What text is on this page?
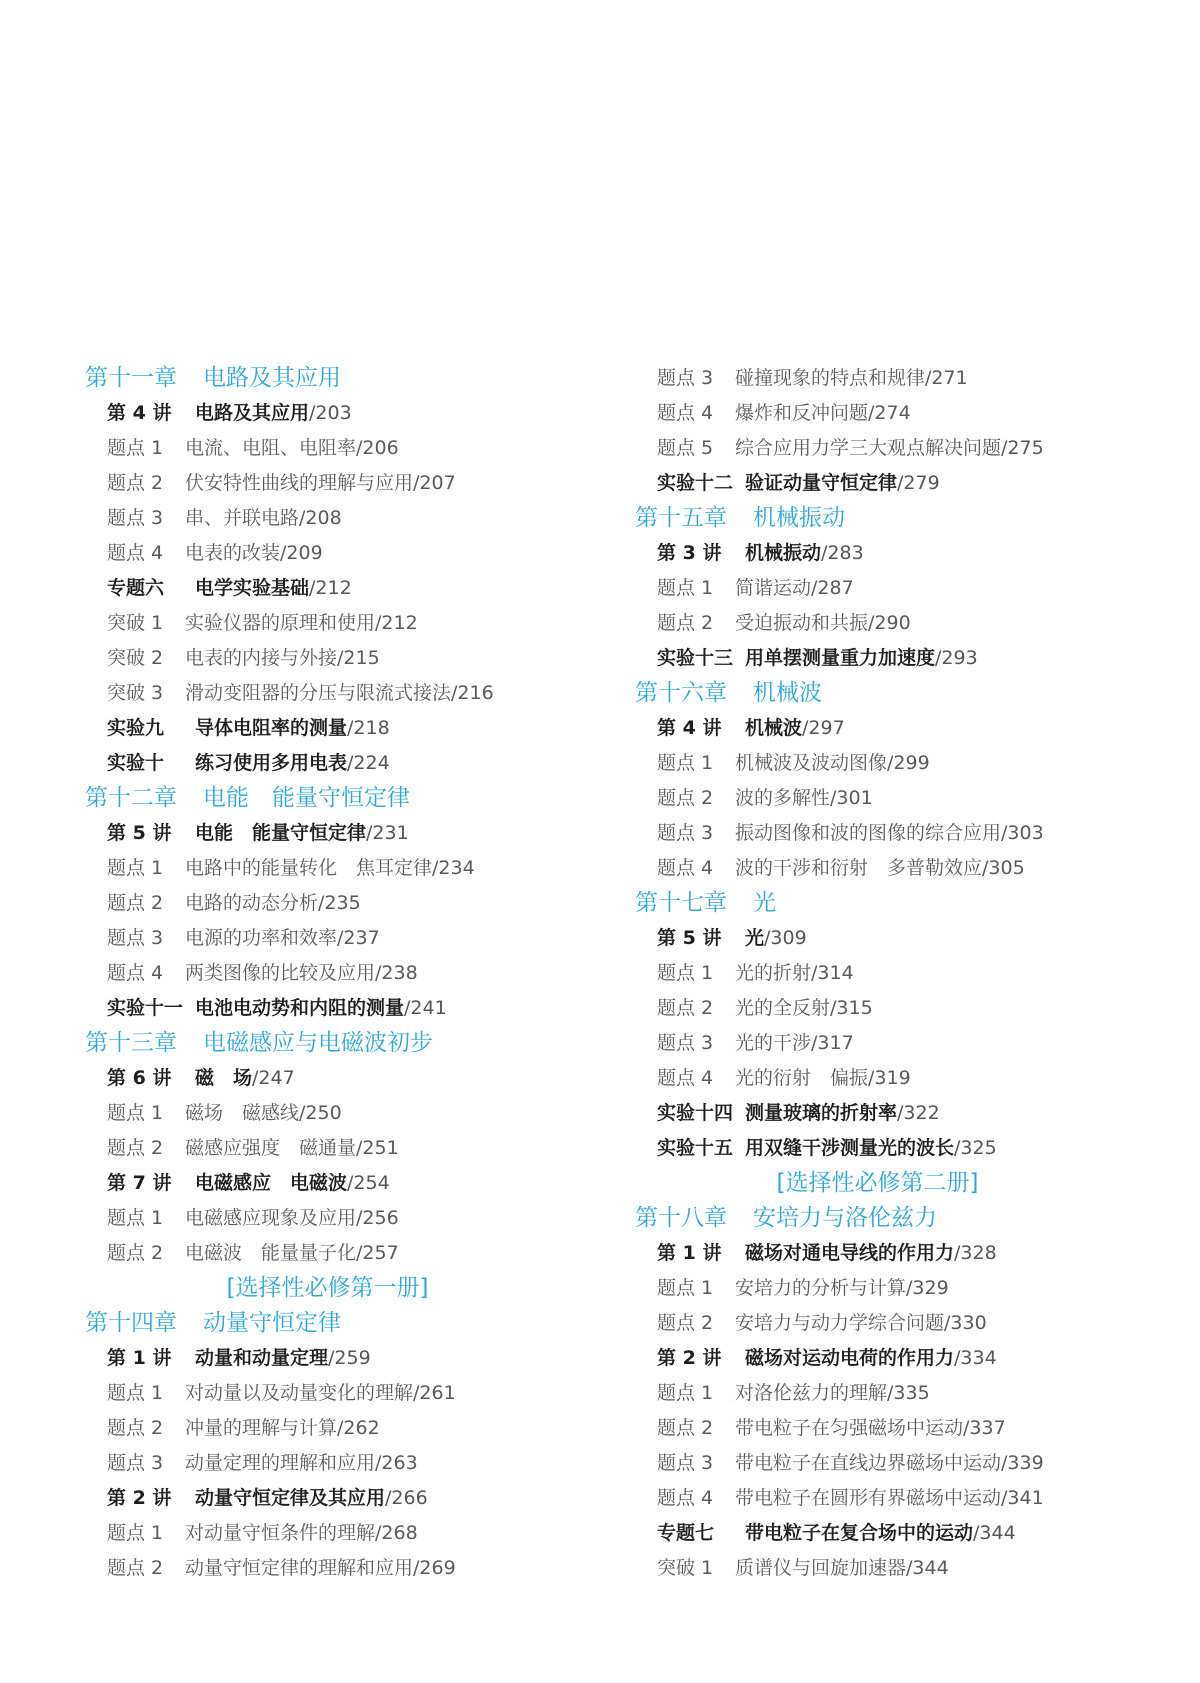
第十一章 电路及其应用
第 4 讲 电路及其应用/203
题点 1 电流、电阻、电阻率/206
题点 2 伏安特性曲线的理解与应用/207
题点 3 串、并联电路/208
题点 4 电表的改装/209
专题六 电学实验基础/212
突破 1 实验仪器的原理和使用/212
突破 2 电表的内接与外接/215
突破 3 滑动变阻器的分压与限流式接法/216
实验九 导体电阻率的测量/218
实验十 练习使用多用电表/224
第十二章 电能　能量守恒定律
第 5 讲 电能　能量守恒定律/231
题点 1 电路中的能量转化　焦耳定律/234
题点 2 电路的动态分析/235
题点 3 电源的功率和效率/237
题点 4 两类图像的比较及应用/238
实验十一 电池电动势和内阻的测量/241
第十三章 电磁感应与电磁波初步
第 6 讲 磁　场/247
题点 1 磁场　磁感线/250
题点 2 磁感应强度　磁通量/251
第 7 讲 电磁感应　电磁波/254
题点 1 电磁感应现象及应用/256
题点 2 电磁波　能量量子化/257
[选择性必修第一册]
第十四章 动量守恒定律
第 1 讲 动量和动量定理/259
题点 1 对动量以及动量变化的理解/261
题点 2 冲量的理解与计算/262
题点 3 动量定理的理解和应用/263
第 2 讲 动量守恒定律及其应用/266
题点 1 对动量守恒条件的理解/268
题点 2 动量守恒定律的理解和应用/269
题点 3 碰撞现象的特点和规律/271
题点 4 爆炸和反冲问题/274
题点 5 综合应用力学三大观点解决问题/275
实验十二 验证动量守恒定律/279
第十五章 机械振动
第 3 讲 机械振动/283
题点 1 简谐运动/287
题点 2 受迫振动和共振/290
实验十三 用单摆测量重力加速度/293
第十六章 机械波
第 4 讲 机械波/297
题点 1 机械波及波动图像/299
题点 2 波的多解性/301
题点 3 振动图像和波的图像的综合应用/303
题点 4 波的干涉和衍射　多普勒效应/305
第十七章 光
第 5 讲 光/309
题点 1 光的折射/314
题点 2 光的全反射/315
题点 3 光的干涉/317
题点 4 光的衍射　偏振/319
实验十四 测量玻璃的折射率/322
实验十五 用双缝干涉测量光的波长/325
[选择性必修第二册]
第十八章 安培力与洛伦兹力
第 1 讲 磁场对通电导线的作用力/328
题点 1 安培力的分析与计算/329
题点 2 安培力与动力学综合问题/330
第 2 讲 磁场对运动电荷的作用力/334
题点 1 对洛伦兹力的理解/335
题点 2 带电粒子在匀强磁场中运动/337
题点 3 带电粒子在直线边界磁场中运动/339
题点 4 带电粒子在圆形有界磁场中运动/341
专题七 带电粒子在复合场中的运动/344
突破 1 质谱仪与回旋加速器/344
